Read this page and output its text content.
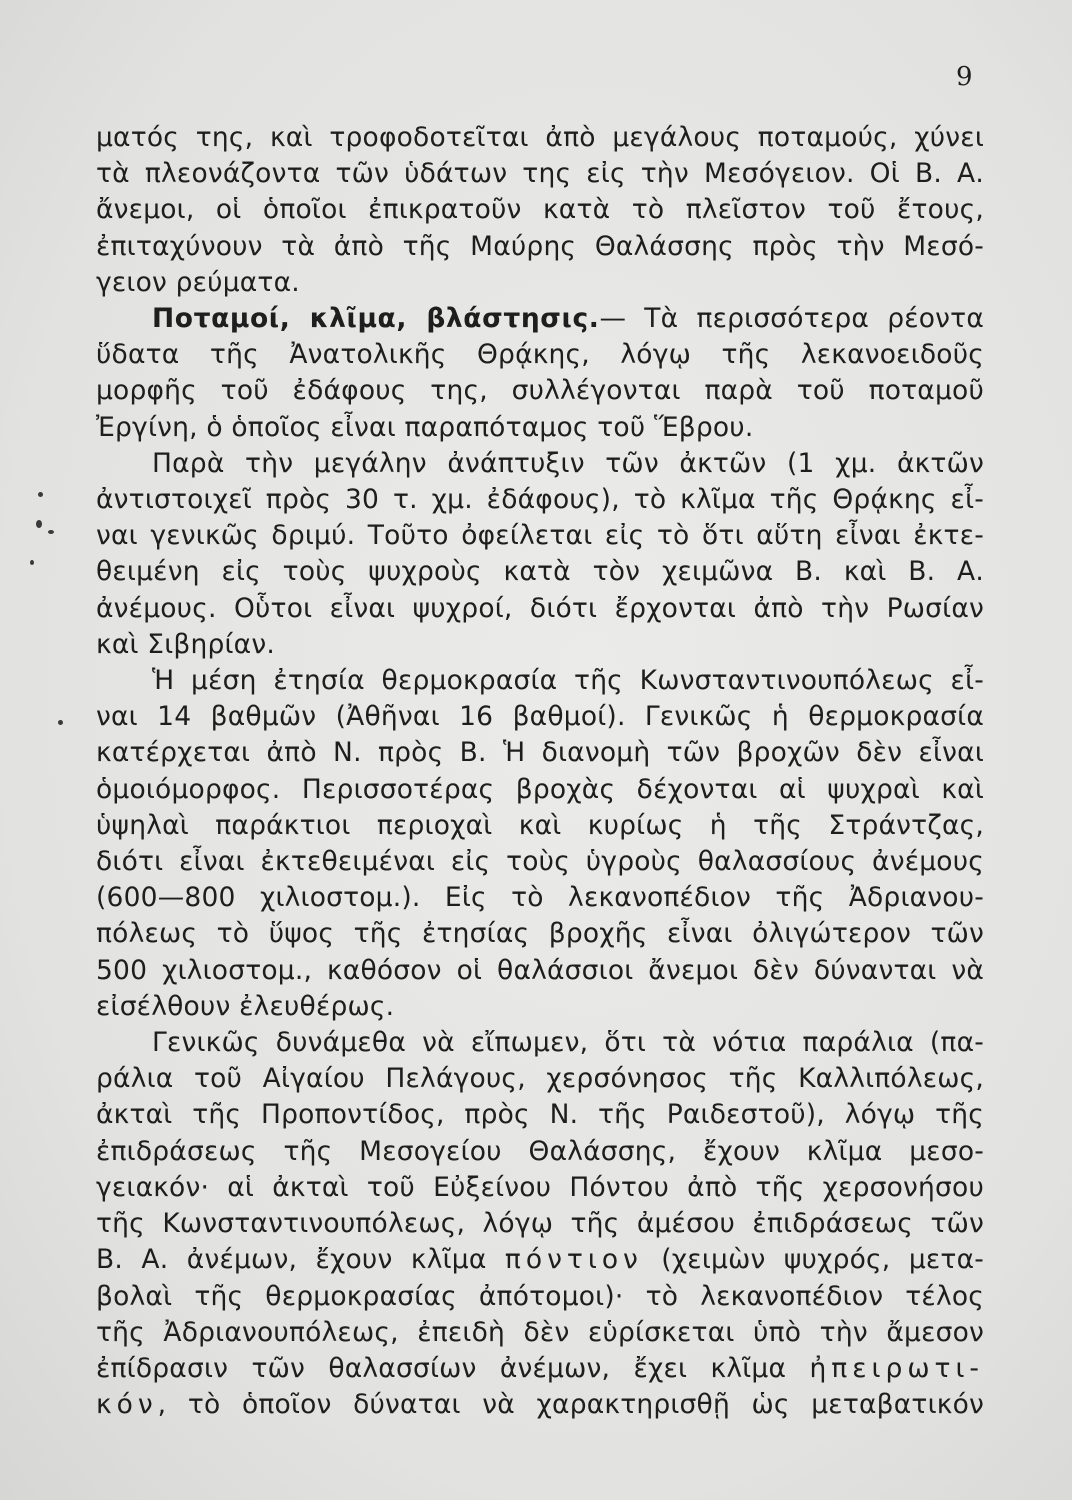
9

ματός της, καὶ τροφοδοτεῖται ἀπὸ μεγάλους ποταμούς, χύνει

τὰ πλεονάζοντα τῶν ὑδάτων της εἰς τὴν Μεσόγειον. Οἱ Β. Α.

ἄνεμοι, οἱ ὁποῖοι ἐπικρατοῦν κατὰ τὸ πλεῖστον τοῦ ἔτους,

ἐπιταχύνουν τὰ ἀπὸ τῆς Μαύρης Θαλάσσης πρὸς τὴν Μεσό-

γειον ρεύματα.

Ποταμοί, κλῖμα, βλάστησις.— Τὰ περισσότερα ρέοντα

ὕδατα τῆς Ἀνατολικῆς Θρᾴκης, λόγῳ τῆς λεκανοειδοῦς

μορφῆς τοῦ ἐδάφους της, συλλέγονται παρὰ τοῦ ποταμοῦ

Ἐργίνη, ὁ ὁποῖος εἶναι παραπόταμος τοῦ Ἕβρου.

Παρὰ τὴν μεγάλην ἀνάπτυξιν τῶν ἀκτῶν (1 χμ. ἀκτῶν

ἀντιστοιχεῖ πρὸς 30 τ. χμ. ἐδάφους), τὸ κλῖμα τῆς Θρᾴκης εἶ-

ναι γενικῶς δριμύ. Τοῦτο ὀφείλεται εἰς τὸ ὅτι αὕτη εἶναι ἐκτε-

θειμένη εἰς τοὺς ψυχροὺς κατὰ τὸν χειμῶνα Β. καὶ Β. Α.

ἀνέμους. Οὗτοι εἶναι ψυχροί, διότι ἔρχονται ἀπὸ τὴν Ρωσίαν

καὶ Σιβηρίαν.

Ἡ μέση ἐτησία θερμοκρασία τῆς Κωνσταντινουπόλεως εἶ-

ναι 14 βαθμῶν (Ἀθῆναι 16 βαθμοί). Γενικῶς ἡ θερμοκρασία

κατέρχεται ἀπὸ Ν. πρὸς Β. Ἡ διανομὴ τῶν βροχῶν δὲν εἶναι

ὁμοιόμορφος. Περισσοτέρας βροχὰς δέχονται αἱ ψυχραὶ καὶ

ὑψηλαὶ παράκτιοι περιοχαὶ καὶ κυρίως ἡ τῆς Στράντζας,

διότι εἶναι ἐκτεθειμέναι εἰς τοὺς ὑγροὺς θαλασσίους ἀνέμους

(600—800 χιλιοστομ.). Εἰς τὸ λεκανοπέδιον τῆς Ἀδριανου-

πόλεως τὸ ὕψος τῆς ἐτησίας βροχῆς εἶναι ὀλιγώτερον τῶν

500 χιλιοστομ., καθόσον οἱ θαλάσσιοι ἄνεμοι δὲν δύνανται νὰ

εἰσέλθουν ἐλευθέρως.

Γενικῶς δυνάμεθα νὰ εἴπωμεν, ὅτι τὰ νότια παράλια (πα-

ράλια τοῦ Αἰγαίου Πελάγους, χερσόνησος τῆς Καλλιπόλεως,

ἀκταὶ τῆς Προποντίδος, πρὸς Ν. τῆς Ραιδεστοῦ), λόγῳ τῆς

ἐπιδράσεως τῆς Μεσογείου Θαλάσσης, ἔχουν κλῖμα μεσο-

γειακόν· αἱ ἀκταὶ τοῦ Εὐξείνου Πόντου ἀπὸ τῆς χερσονήσου

τῆς Κωνσταντινουπόλεως, λόγῳ τῆς ἀμέσου ἐπιδράσεως τῶν

Β. Α. ἀνέμων, ἔχουν κλῖμα πόντιον (χειμὼν ψυχρός, μετα-

βολαὶ τῆς θερμοκρασίας ἀπότομοι)· τὸ λεκανοπέδιον τέλος

τῆς Ἀδριανουπόλεως, ἐπειδὴ δὲν εὑρίσκεται ὑπὸ τὴν ἄμεσον

ἐπίδρασιν τῶν θαλασσίων ἀνέμων, ἔχει κλῖμα ἠπειρωτι-

κόν, τὸ ὁποῖον δύναται νὰ χαρακτηρισθῇ ὡς μεταβατικόν
